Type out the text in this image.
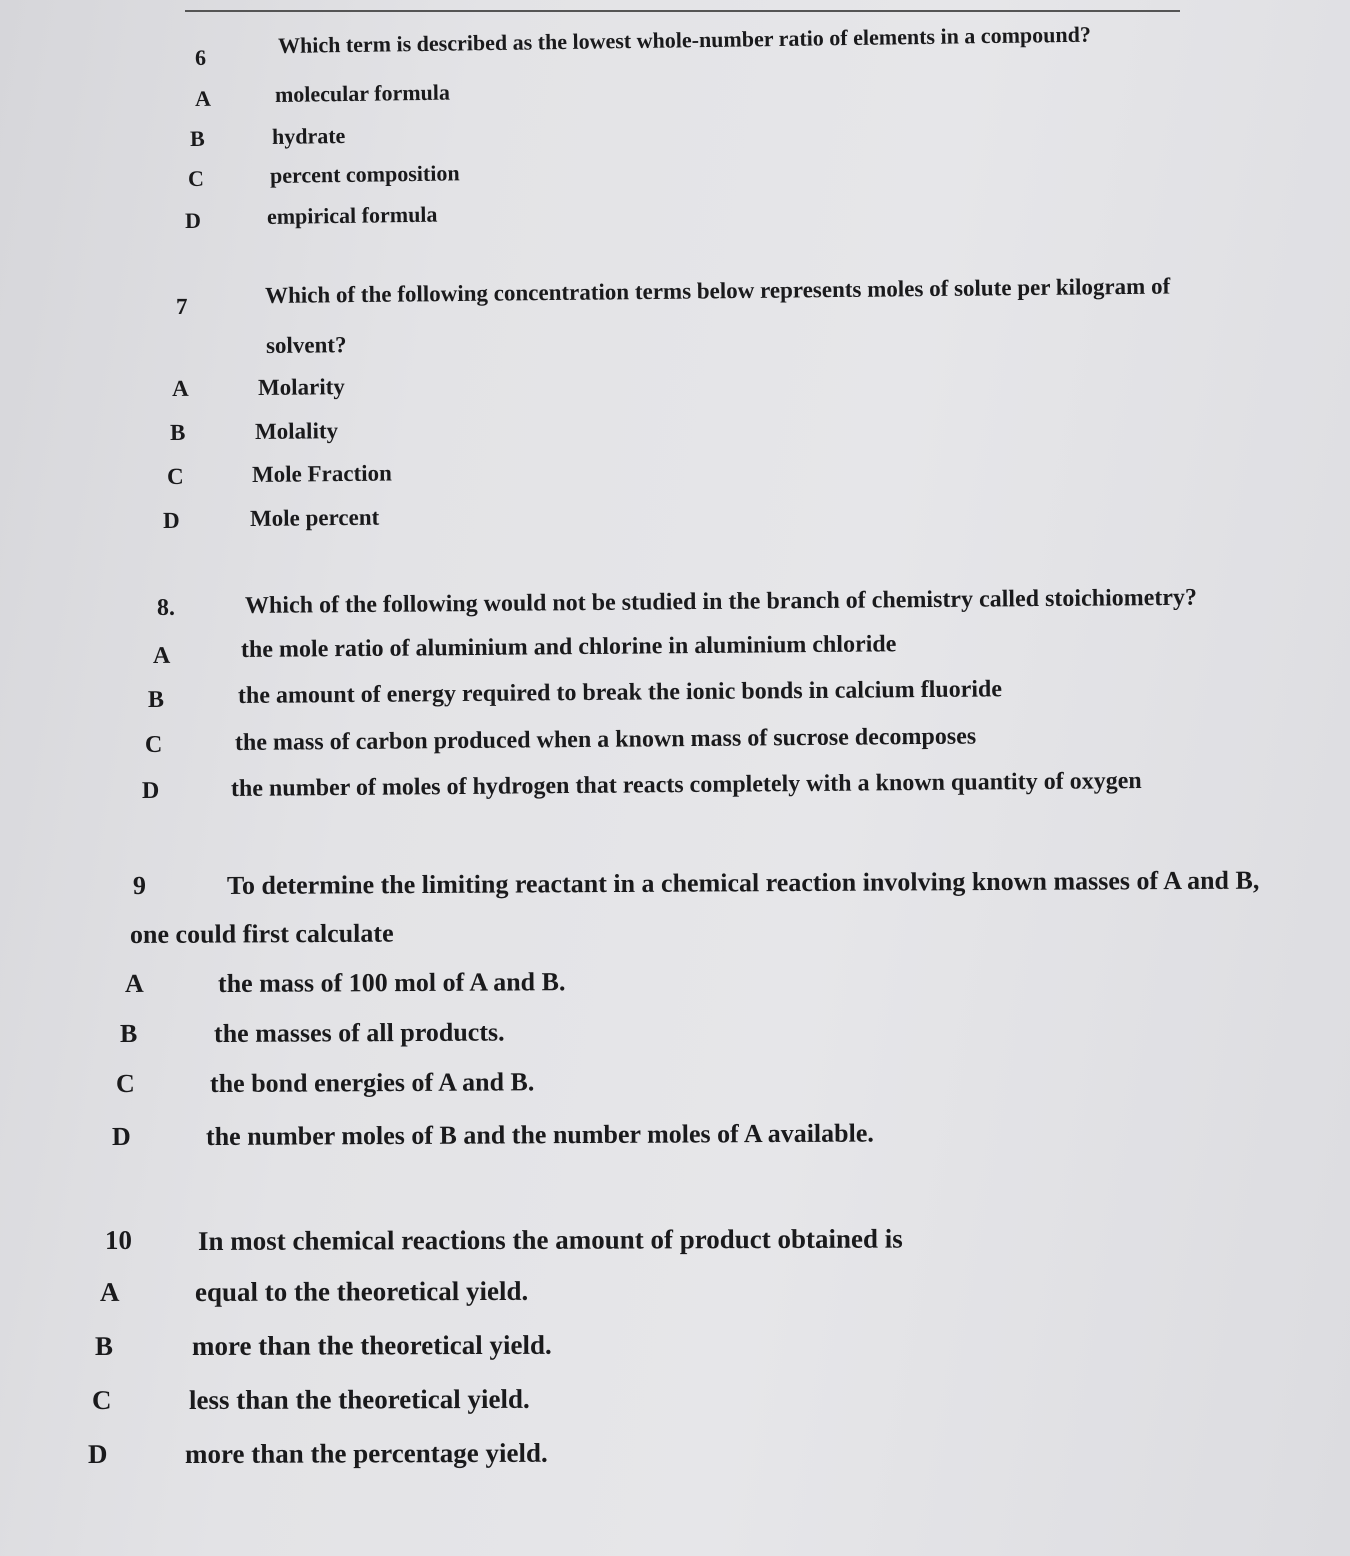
6	Which term is described as the lowest whole-number ratio of elements in a compound?
A	molecular formula
B	hydrate
C	percent composition
D	empirical formula
7	Which of the following concentration terms below represents moles of solute per kilogram of
solvent?
A	Molarity
B	Molality
C	Mole Fraction
D	Mole percent
8.	Which of the following would not be studied in the branch of chemistry called stoichiometry?
A	the mole ratio of aluminium and chlorine in aluminium chloride
B	the amount of energy required to break the ionic bonds in calcium fluoride
C	the mass of carbon produced when a known mass of sucrose decomposes
D	the number of moles of hydrogen that reacts completely with a known quantity of oxygen
9	To determine the limiting reactant in a chemical reaction involving known masses of A and B,
one could first calculate
A	the mass of 100 mol of A and B.
B	the masses of all products.
C	the bond energies of A and B.
D	the number moles of B and the number moles of A available.
10 In most chemical reactions the amount of product obtained is
A	equal to the theoretical yield.
B	more than the theoretical yield.
C	less than the theoretical yield.
D	more than the percentage yield.
